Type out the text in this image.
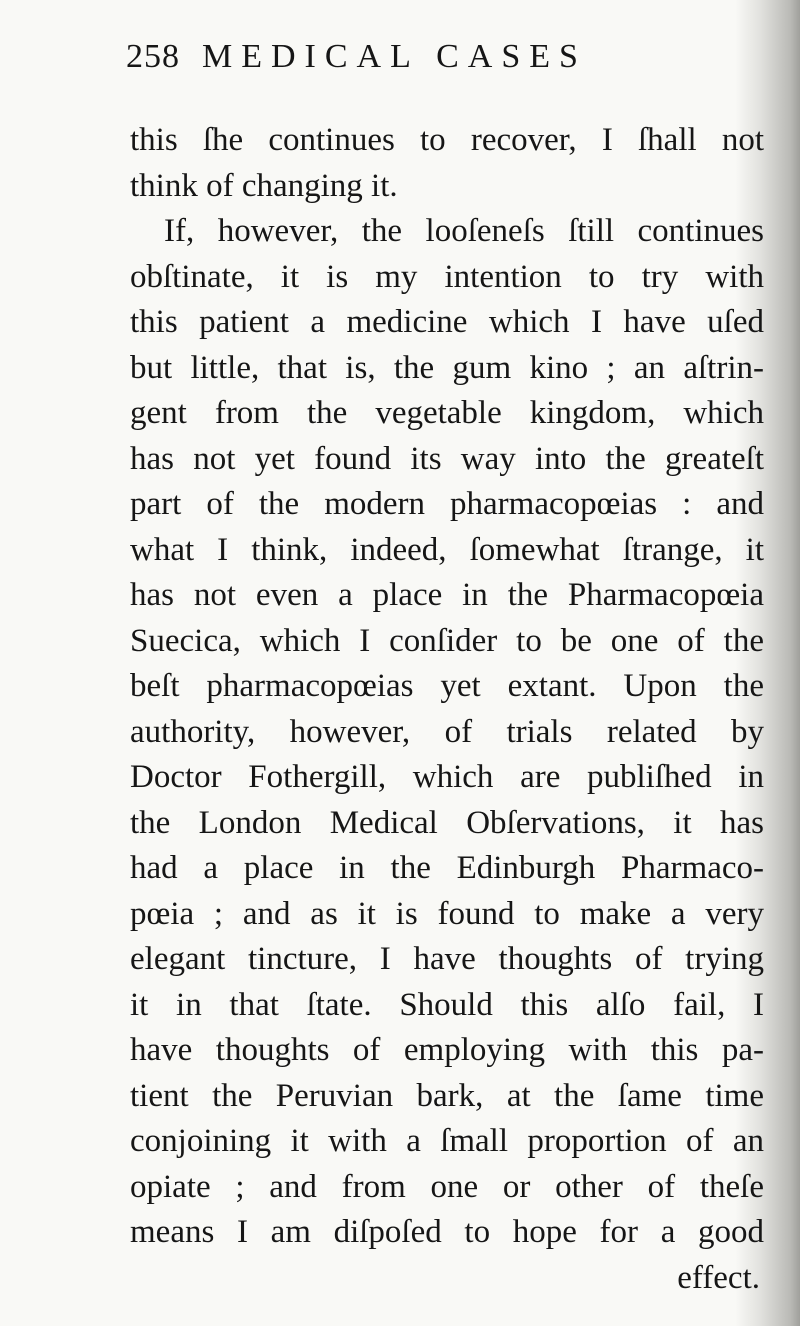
258 MEDICAL CASES
this ſhe continues to recover, I ſhall not
think of changing it.
If, however, the looſeneſs ſtill continues
obſtinate, it is my intention to try with
this patient a medicine which I have uſed
but little, that is, the gum kino ; an aſtrin-
gent from the vegetable kingdom, which
has not yet found its way into the greateſt
part of the modern pharmacopœias : and
what I think, indeed, ſomewhat ſtrange, it
has not even a place in the Pharmacopœia
Suecica, which I conſider to be one of the
beſt pharmacopœias yet extant. Upon the
authority, however, of trials related by
Doctor Fothergill, which are publiſhed in
the London Medical Obſervations, it has
had a place in the Edinburgh Pharmaco-
pœia ; and as it is found to make a very
elegant tincture, I have thoughts of trying
it in that ſtate. Should this alſo fail, I
have thoughts of employing with this pa-
tient the Peruvian bark, at the ſame time
conjoining it with a ſmall proportion of an
opiate ; and from one or other of theſe
means I am diſpoſed to hope for a good
effect.
